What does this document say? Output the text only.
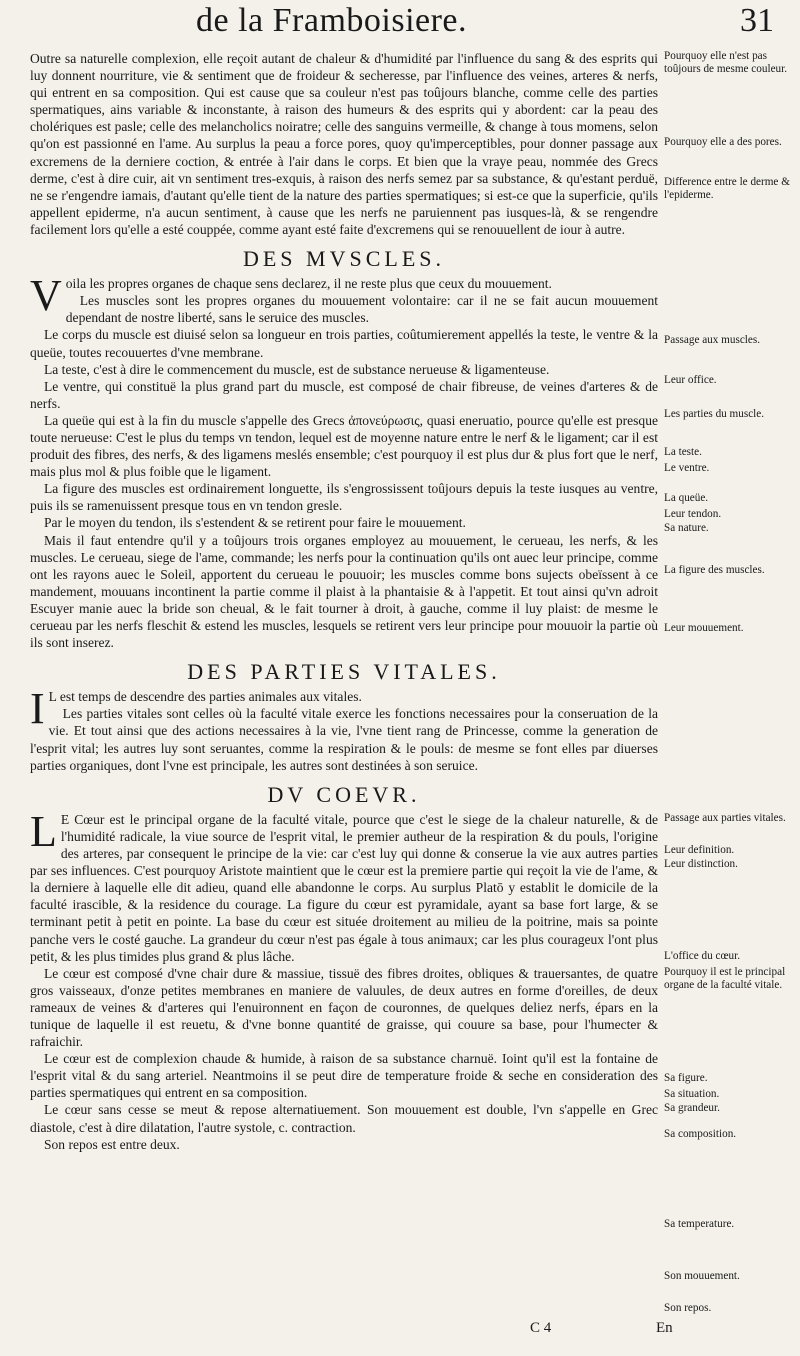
de la Framboisiere.	31

Outre sa naturelle complexion, elle reçoit autant de chaleur & d'humidité par l'influence du sang & des esprits qui luy donnent nourriture, vie & sentiment que de froideur & secheresse, par l'influence des veines, arteres & nerfs, qui entrent en sa composition. Qui est cause que sa couleur n'est pas toûjours blanche, comme celle des parties spermatiques, ains variable & inconstante, à raison des humeurs & des esprits qui y abordent: car la peau des cholériques est pasle; celle des melancholics noiratre; celle des sanguins vermeille, & change à tous momens, selon qu'on est passionné en l'ame. Au surplus la peau a force pores, quoy qu'imperceptibles, pour donner passage aux excremens de la derniere coction, & entrée à l'air dans le corps. Et bien que la vraye peau, nommée des Grecs derme, c'est à dire cuir, ait vn sentiment tres-exquis, à raison des nerfs semez par sa substance, & qu'estant perduë, ne se r'engendre iamais, d'autant qu'elle tient de la nature des parties spermatiques; si est-ce que la superficie, qu'ils appellent epiderme, n'a aucun sentiment, à cause que les nerfs ne paruiennent pas iusques-là, & se rengendre facilement lors qu'elle a esté couppée, comme ayant esté faite d'excremens qui se renouuellent de iour à autre.

DES MVSCLES.

Voila les propres organes de chaque sens declarez, il ne reste plus que ceux du mouuement.

Les muscles sont les propres organes du mouuement volontaire: car il ne se fait aucun mouuement dependant de nostre liberté, sans le seruice des muscles.

Le corps du muscle est diuisé selon sa longueur en trois parties, coûtumierement appellés la teste, le ventre & la queüe, toutes recouuertes d'vne membrane.

La teste, c'est à dire le commencement du muscle, est de substance nerueuse & ligamenteuse.

Le ventre, qui constituë la plus grand part du muscle, est composé de chair fibreuse, de veines d'arteres & de nerfs.

La queüe qui est à la fin du muscle s'appelle des Grecs ἀπονεύρωσις, quasi eneruatio, pource qu'elle est presque toute nerueuse: C'est le plus du temps vn tendon, lequel est de moyenne nature entre le nerf & le ligament; car il est produit des fibres, des nerfs, & des ligamens meslés ensemble; c'est pourquoy il est plus dur & plus fort que le nerf, mais plus mol & plus foible que le ligament.

La figure des muscles est ordinairement longuette, ils s'engrossissent toûjours depuis la teste iusques au ventre, puis ils se ramenuissent presque tous en vn tendon gresle.

Par le moyen du tendon, ils s'estendent & se retirent pour faire le mouuement.

Mais il faut entendre qu'il y a toûjours trois organes employez au mouuement, le cerueau, les nerfs, & les muscles. Le cerueau, siege de l'ame, commande; les nerfs pour la continuation qu'ils ont auec leur principe, comme ont les rayons auec le Soleil, apportent du cerueau le pouuoir; les muscles comme bons sujects obeïssent à ce mandement, mouuans incontinent la partie comme il plaist à la phantaisie & à l'appetit. Et tout ainsi qu'vn adroit Escuyer manie auec la bride son cheual, & le fait tourner à droit, à gauche, comme il luy plaist: de mesme le cerueau par les nerfs fleschit & estend les muscles, lesquels se retirent vers leur principe pour mouuoir la partie où ils sont inserez.

DES PARTIES VITALES.

I L est temps de descendre des parties animales aux vitales.

Les parties vitales sont celles où la faculté vitale exerce les fonctions necessaires pour la conseruation de la vie. Et tout ainsi que des actions necessaires à la vie, l'vne tient rang de Princesse, comme la generation de l'esprit vital; les autres luy sont seruantes, comme la respiration & le pouls: de mesme se font elles par diuerses parties organiques, dont l'vne est principale, les autres sont destinées à son seruice.

DV COEVR.

L E Cœur est le principal organe de la faculté vitale, pource que c'est le siege de la chaleur naturelle, & de l'humidité radicale, la viue source de l'esprit vital, le premier autheur de la respiration & du pouls, l'origine des arteres, par consequent le principe de la vie: car c'est luy qui donne & conserue la vie aux autres parties par ses influences. C'est pourquoy Aristote maintient que le cœur est la premiere partie qui reçoit la vie de l'ame, & la derniere à laquelle elle dit adieu, quand elle abandonne le corps. Au surplus Platō y establit le domicile de la faculté irascible, & la residence du courage. La figure du cœur est pyramidale, ayant sa base fort large, & se terminant petit à petit en pointe. La base du cœur est située droitement au milieu de la poitrine, mais sa pointe panche vers le costé gauche. La grandeur du cœur n'est pas égale à tous animaux; car les plus courageux l'ont plus petit, & les plus timides plus grand & plus lâche.

Le cœur est composé d'vne chair dure & massiue, tissuë des fibres droites, obliques & trauersantes, de quatre gros vaisseaux, d'onze petites membranes en maniere de valuules, de deux autres en forme d'oreilles, de deux rameaux de veines & d'arteres qui l'enuironnent en façon de couronnes, de quelques deliez nerfs, épars en la tunique de laquelle il est reuetu, & d'vne bonne quantité de graisse, qui couure sa base, pour l'humecter & rafraichir.

Le cœur est de complexion chaude & humide, à raison de sa substance charnuë. Ioint qu'il est la fontaine de l'esprit vital & du sang arteriel. Neantmoins il se peut dire de temperature froide & seche en consideration des parties spermatiques qui entrent en sa composition.

Le cœur sans cesse se meut & repose alternatiuement. Son mouuement est double, l'vn s'appelle en Grec diastole, c'est à dire dilatation, l'autre systole, c. contraction.

Son repos est entre deux.

Pourquoy elle n'est pas toûjours de mesme couleur.
Pourquoy elle a des pores.
Difference entre le derme & l'epiderme.
Passage aux muscles.
Leur office.
Les parties du muscle.
La teste.
Le ventre.
La queüe.
Leur tendon.
Sa nature.
La figure des muscles.
Leur mouuement.
Passage aux parties vitales.
Leur definition.
Leur distinction.
L'office du cœur.
Pourquoy il est le principal organe de la faculté vitale.
Sa figure.
Sa situation.
Sa grandeur.
Sa composition.
Sa temperature.
Son mouuement.
Son repos.
C 4	En
